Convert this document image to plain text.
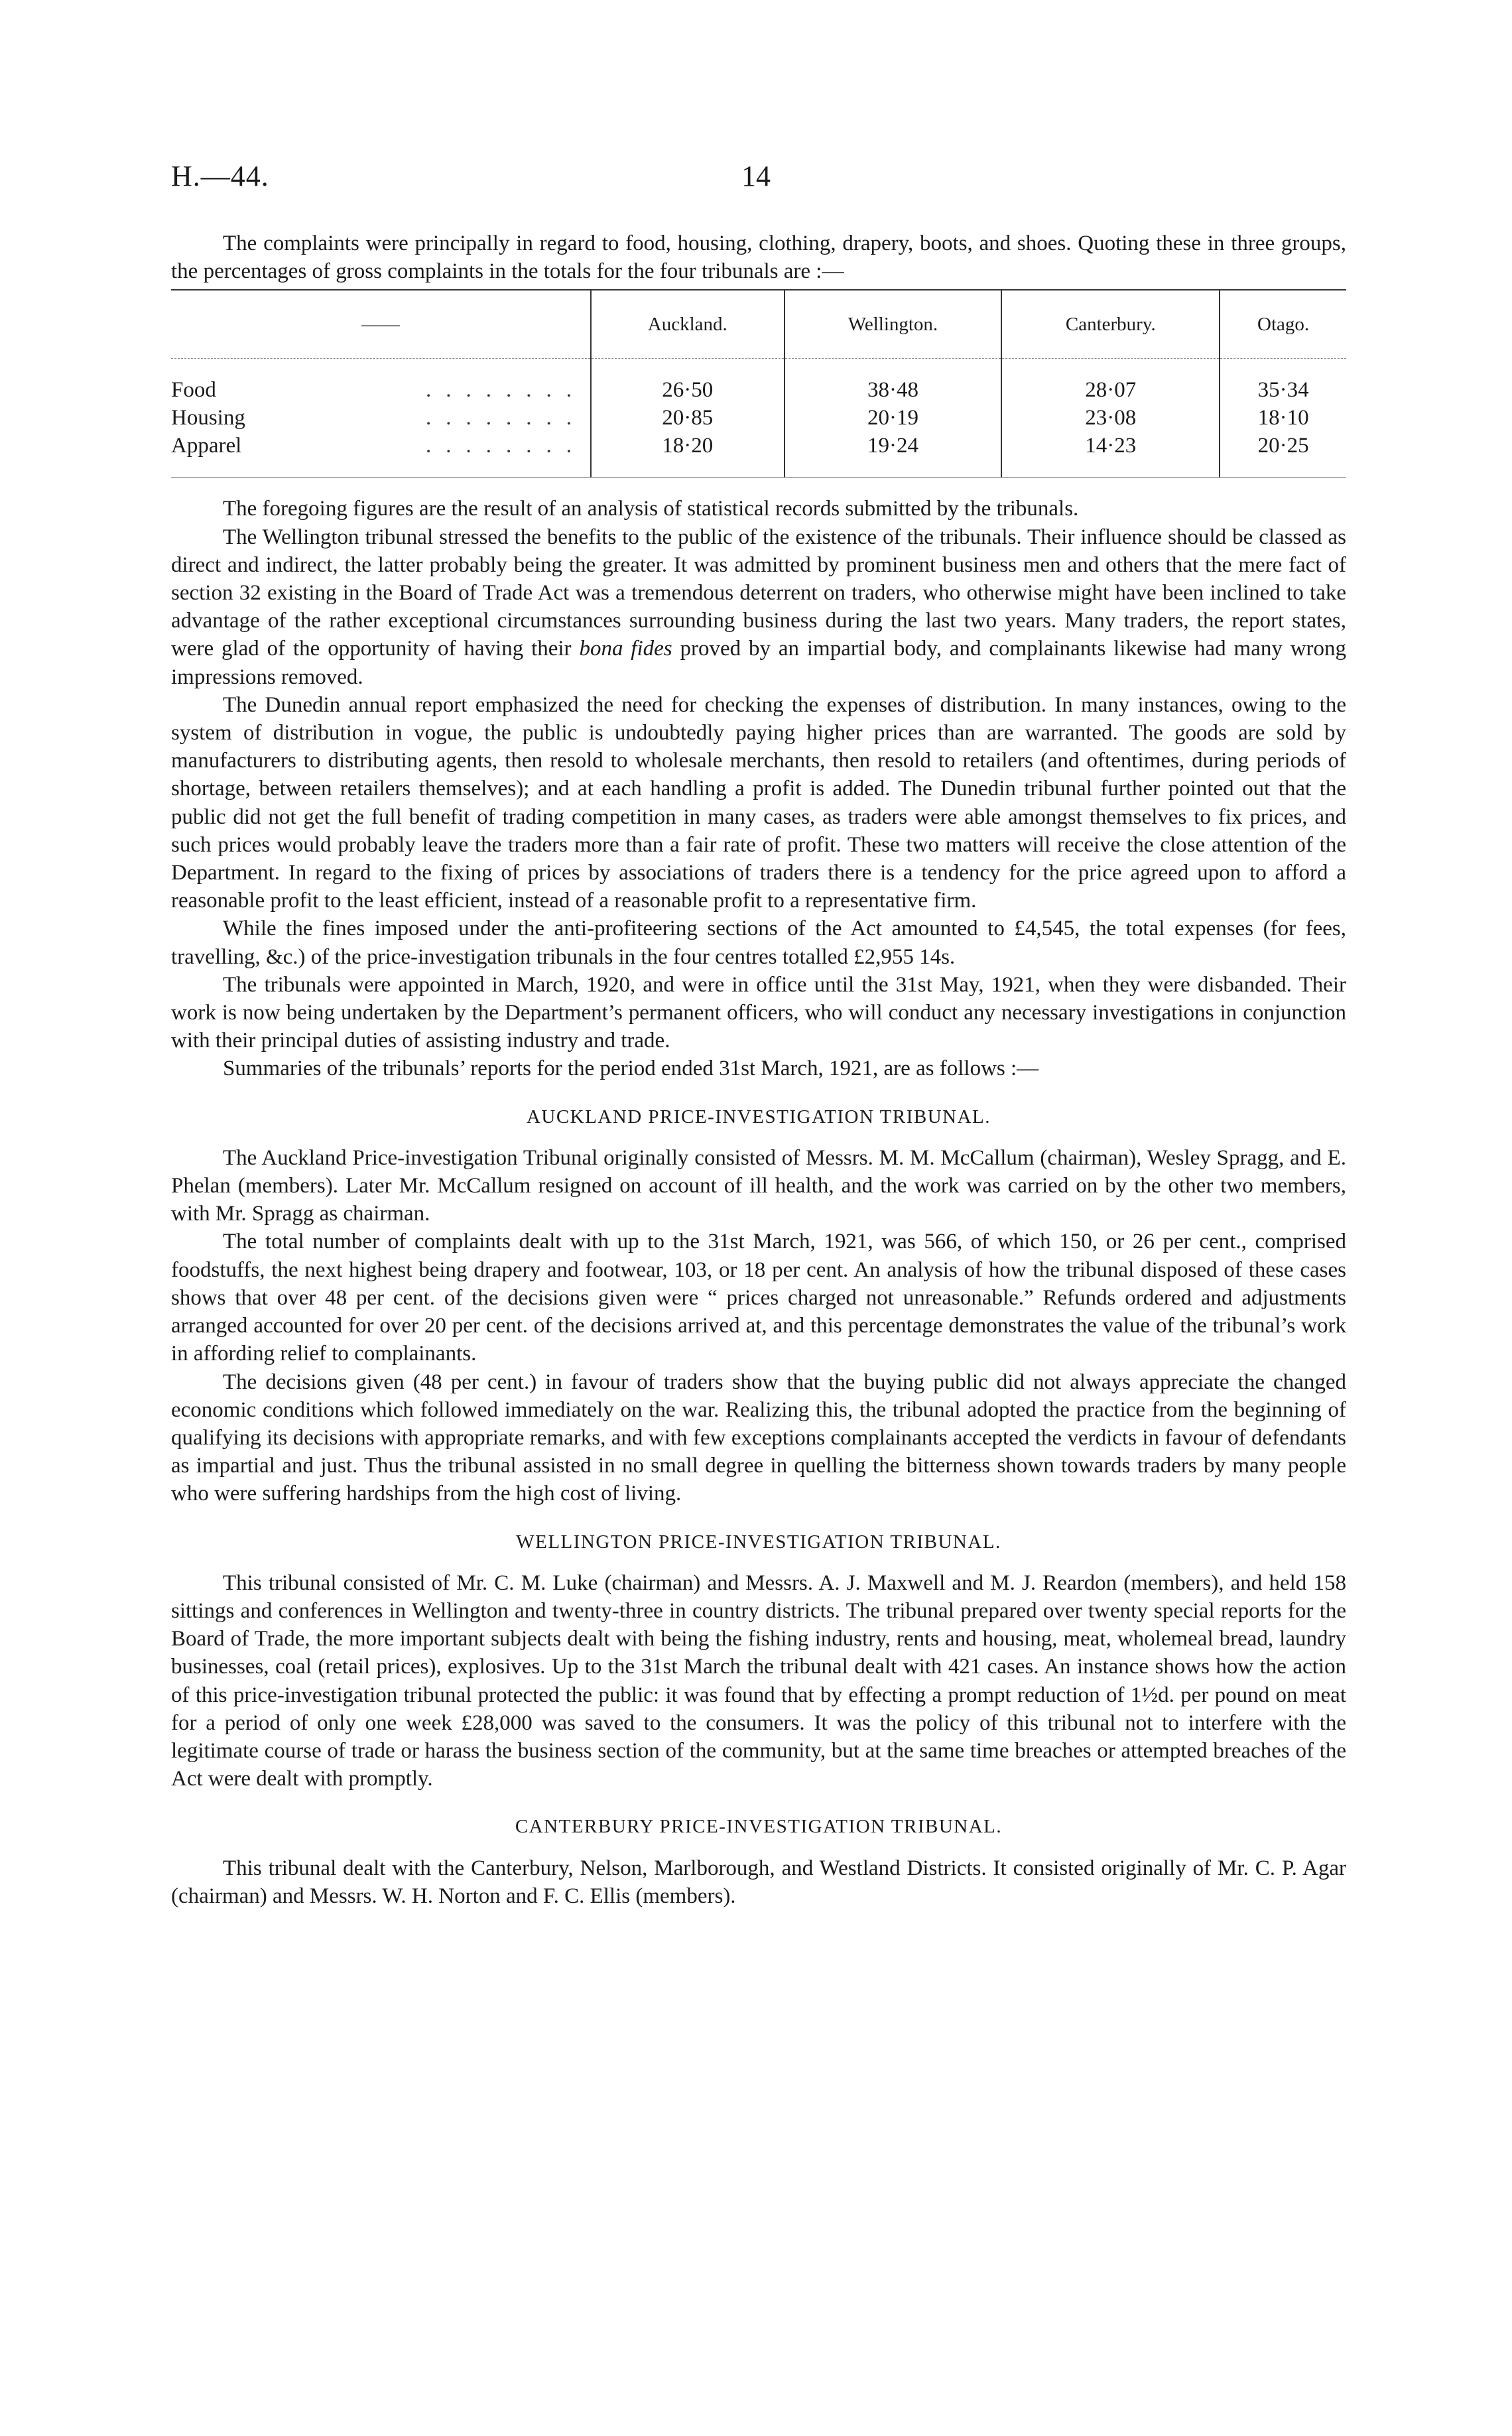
H.—44.	14

The complaints were principally in regard to food, housing, clothing, drapery, boots, and shoes. Quoting these in three groups, the percentages of gross complaints in the totals for the four tribunals are :—

——	Auckland.	Wellington.	Canterbury.	Otago.
Food ........	26·50	38·48	28·07	35·34
Housing ........	20·85	20·19	23·08	18·10
Apparel ........	18·20	19·24	14·23	20·25

The foregoing figures are the result of an analysis of statistical records submitted by the tribunals.

The Wellington tribunal stressed the benefits to the public of the existence of the tribunals. Their influence should be classed as direct and indirect, the latter probably being the greater. It was admitted by prominent business men and others that the mere fact of section 32 existing in the Board of Trade Act was a tremendous deterrent on traders, who otherwise might have been inclined to take advantage of the rather exceptional circumstances surrounding business during the last two years. Many traders, the report states, were glad of the opportunity of having their bona fides proved by an impartial body, and complainants likewise had many wrong impressions removed.

The Dunedin annual report emphasized the need for checking the expenses of distribution. In many instances, owing to the system of distribution in vogue, the public is undoubtedly paying higher prices than are warranted. The goods are sold by manufacturers to distributing agents, then resold to wholesale merchants, then resold to retailers (and oftentimes, during periods of shortage, between retailers themselves); and at each handling a profit is added. The Dunedin tribunal further pointed out that the public did not get the full benefit of trading competition in many cases, as traders were able amongst themselves to fix prices, and such prices would probably leave the traders more than a fair rate of profit. These two matters will receive the close attention of the Department. In regard to the fixing of prices by associations of traders there is a tendency for the price agreed upon to afford a reasonable profit to the least efficient, instead of a reasonable profit to a representative firm.

While the fines imposed under the anti-profiteering sections of the Act amounted to £4,545, the total expenses (for fees, travelling, &c.) of the price-investigation tribunals in the four centres totalled £2,955 14s.

The tribunals were appointed in March, 1920, and were in office until the 31st May, 1921, when they were disbanded. Their work is now being undertaken by the Department’s permanent officers, who will conduct any necessary investigations in conjunction with their principal duties of assisting industry and trade.

Summaries of the tribunals’ reports for the period ended 31st March, 1921, are as follows :—

AUCKLAND PRICE-INVESTIGATION TRIBUNAL.

The Auckland Price-investigation Tribunal originally consisted of Messrs. M. M. McCallum (chairman), Wesley Spragg, and E. Phelan (members). Later Mr. McCallum resigned on account of ill health, and the work was carried on by the other two members, with Mr. Spragg as chairman.

The total number of complaints dealt with up to the 31st March, 1921, was 566, of which 150, or 26 per cent., comprised foodstuffs, the next highest being drapery and footwear, 103, or 18 per cent. An analysis of how the tribunal disposed of these cases shows that over 48 per cent. of the decisions given were “ prices charged not unreasonable.” Refunds ordered and adjustments arranged accounted for over 20 per cent. of the decisions arrived at, and this percentage demonstrates the value of the tribunal’s work in affording relief to complainants.

The decisions given (48 per cent.) in favour of traders show that the buying public did not always appreciate the changed economic conditions which followed immediately on the war. Realizing this, the tribunal adopted the practice from the beginning of qualifying its decisions with appropriate remarks, and with few exceptions complainants accepted the verdicts in favour of defendants as impartial and just. Thus the tribunal assisted in no small degree in quelling the bitterness shown towards traders by many people who were suffering hardships from the high cost of living.

WELLINGTON PRICE-INVESTIGATION TRIBUNAL.

This tribunal consisted of Mr. C. M. Luke (chairman) and Messrs. A. J. Maxwell and M. J. Reardon (members), and held 158 sittings and conferences in Wellington and twenty-three in country districts. The tribunal prepared over twenty special reports for the Board of Trade, the more important subjects dealt with being the fishing industry, rents and housing, meat, wholemeal bread, laundry businesses, coal (retail prices), explosives. Up to the 31st March the tribunal dealt with 421 cases. An instance shows how the action of this price-investigation tribunal protected the public: it was found that by effecting a prompt reduction of 1½d. per pound on meat for a period of only one week £28,000 was saved to the consumers. It was the policy of this tribunal not to interfere with the legitimate course of trade or harass the business section of the community, but at the same time breaches or attempted breaches of the Act were dealt with promptly.

CANTERBURY PRICE-INVESTIGATION TRIBUNAL.

This tribunal dealt with the Canterbury, Nelson, Marlborough, and Westland Districts. It consisted originally of Mr. C. P. Agar (chairman) and Messrs. W. H. Norton and F. C. Ellis (members).
